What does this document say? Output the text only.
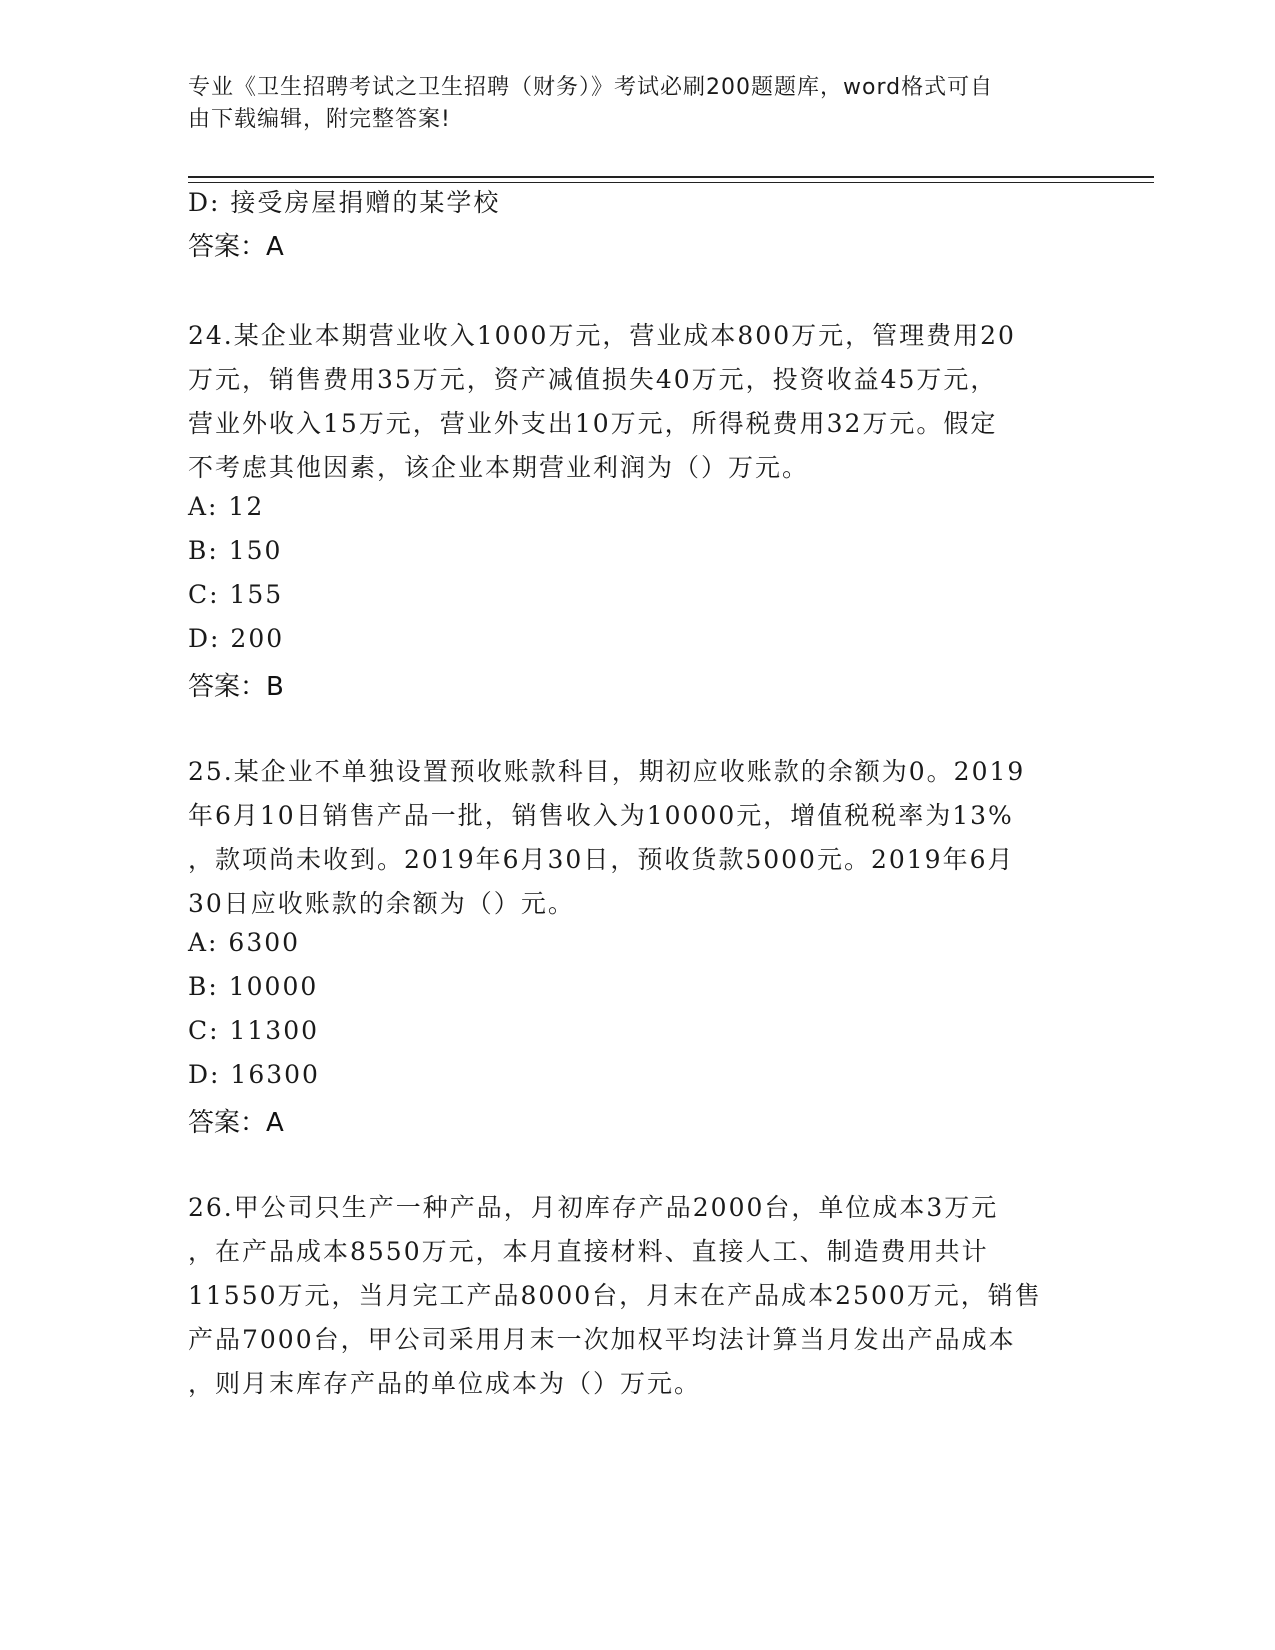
专业《卫生招聘考试之卫生招聘（财务）》考试必刷200题题库，word格式可自
由下载编辑，附完整答案!
D: 接受房屋捐赠的某学校
答案：A
24.某企业本期营业收入1000万元，营业成本800万元，管理费用20
万元，销售费用35万元，资产减值损失40万元，投资收益45万元，
营业外收入15万元，营业外支出10万元，所得税费用32万元。假定
不考虑其他因素，该企业本期营业利润为（）万元。
A: 12
B: 150
C: 155
D: 200
答案：B
25.某企业不单独设置预收账款科目，期初应收账款的余额为0。2019
年6月10日销售产品一批，销售收入为10000元，增值税税率为13%
，款项尚未收到。2019年6月30日，预收货款5000元。2019年6月
30日应收账款的余额为（）元。
A: 6300
B: 10000
C: 11300
D: 16300
答案：A
26.甲公司只生产一种产品，月初库存产品2000台，单位成本3万元
，在产品成本8550万元，本月直接材料、直接人工、制造费用共计
11550万元，当月完工产品8000台，月末在产品成本2500万元，销售
产品7000台，甲公司采用月末一次加权平均法计算当月发出产品成本
，则月末库存产品的单位成本为（）万元。
